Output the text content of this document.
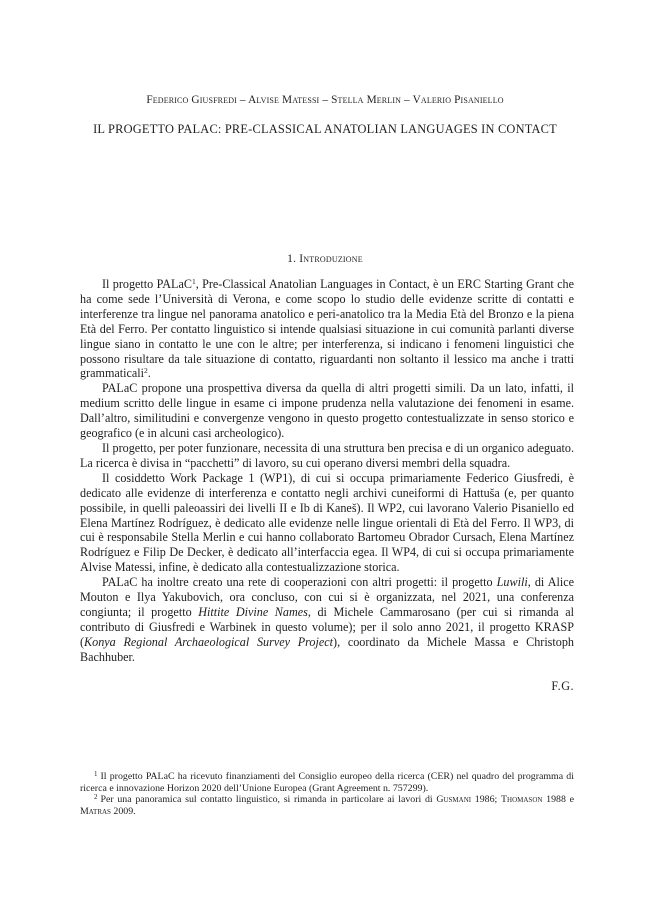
Federico Giusfredi – Alvise Matessi – Stella Merlin – Valerio Pisaniello
IL PROGETTO PALAC: PRE-CLASSICAL ANATOLIAN LANGUAGES IN CONTACT
1. Introduzione

Il progetto PALaC$^1$, Pre-Classical Anatolian Languages in Contact, è un ERC Starting Grant che ha come sede l’Università di Verona, e come scopo lo studio delle evidenze scritte di contatti e interferenze tra lingue nel panorama anatolico e peri-anatolico tra la Media Età del Bronzo e la piena Età del Ferro. Per contatto linguistico si intende qualsiasi situazione in cui comunità parlanti diverse lingue siano in contatto le une con le altre; per interferenza, si indicano i fenomeni linguistici che possono risultare da tale situazione di contatto, riguardanti non soltanto il lessico ma anche i tratti grammaticali$^2$.

PALaC propone una prospettiva diversa da quella di altri progetti simili. Da un lato, infatti, il medium scritto delle lingue in esame ci impone prudenza nella valutazione dei fenomeni in esame. Dall’altro, similitudini e convergenze vengono in questo progetto contestualizzate in senso storico e geografico (e in alcuni casi archeologico).

Il progetto, per poter funzionare, necessita di una struttura ben precisa e di un organico adeguato. La ricerca è divisa in “pacchetti” di lavoro, su cui operano diversi membri della squadra.

Il cosiddetto Work Package 1 (WP1), di cui si occupa primariamente Federico Giusfredi, è dedicato alle evidenze di interferenza e contatto negli archivi cuneiformi di Hattuša (e, per quanto possibile, in quelli paleoassiri dei livelli II e Ib di Kaneš). Il WP2, cui lavorano Valerio Pisaniello ed Elena Martínez Rodríguez, è dedicato alle evidenze nelle lingue orientali di Età del Ferro. Il WP3, di cui è responsabile Stella Merlin e cui hanno collaborato Bartomeu Obrador Cursach, Elena Martínez Rodríguez e Filip De Decker, è dedicato all’interfaccia egea. Il WP4, di cui si occupa primariamente Alvise Matessi, infine, è dedicato alla contestualizzazione storica.

PALaC ha inoltre creato una rete di cooperazioni con altri progetti: il progetto Luwili, di Alice Mouton e Ilya Yakubovich, ora concluso, con cui si è organizzata, nel 2021, una conferenza congiunta; il progetto Hittite Divine Names, di Michele Cammarosano (per cui si rimanda al contributo di Giusfredi e Warbinek in questo volume); per il solo anno 2021, il progetto KRASP (Konya Regional Archaeological Survey Project), coordinato da Michele Massa e Christoph Bachhuber.

F.G.

$^1$ Il progetto PALaC ha ricevuto finanziamenti del Consiglio europeo della ricerca (CER) nel quadro del programma di ricerca e innovazione Horizon 2020 dell’Unione Europea (Grant Agreement n. 757299).

$^2$ Per una panoramica sul contatto linguistico, si rimanda in particolare ai lavori di Gusmani 1986; Thomason 1988 e Matras 2009.
